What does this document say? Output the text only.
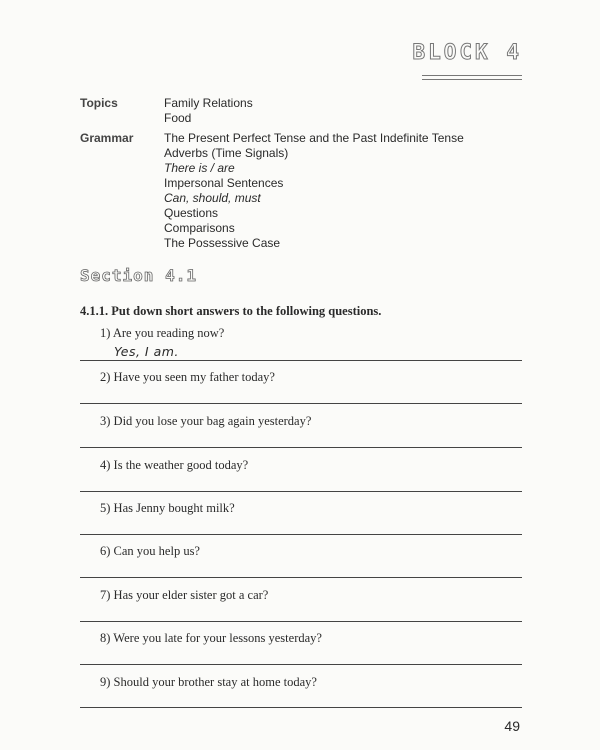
BLOCK 4
Topics	Family Relations
Food
Grammar	The Present Perfect Tense and the Past Indefinite Tense
Adverbs (Time Signals)
There is / are
Impersonal Sentences
Can, should, must
Questions
Comparisons
The Possessive Case
Section 4.1
4.1.1. Put down short answers to the following questions.
1) Are you reading now?
Yes, I am.
2) Have you seen my father today?
3) Did you lose your bag again yesterday?
4) Is the weather good today?
5) Has Jenny bought milk?
6) Can you help us?
7) Has your elder sister got a car?
8) Were you late for your lessons yesterday?
9) Should your brother stay at home today?
49
